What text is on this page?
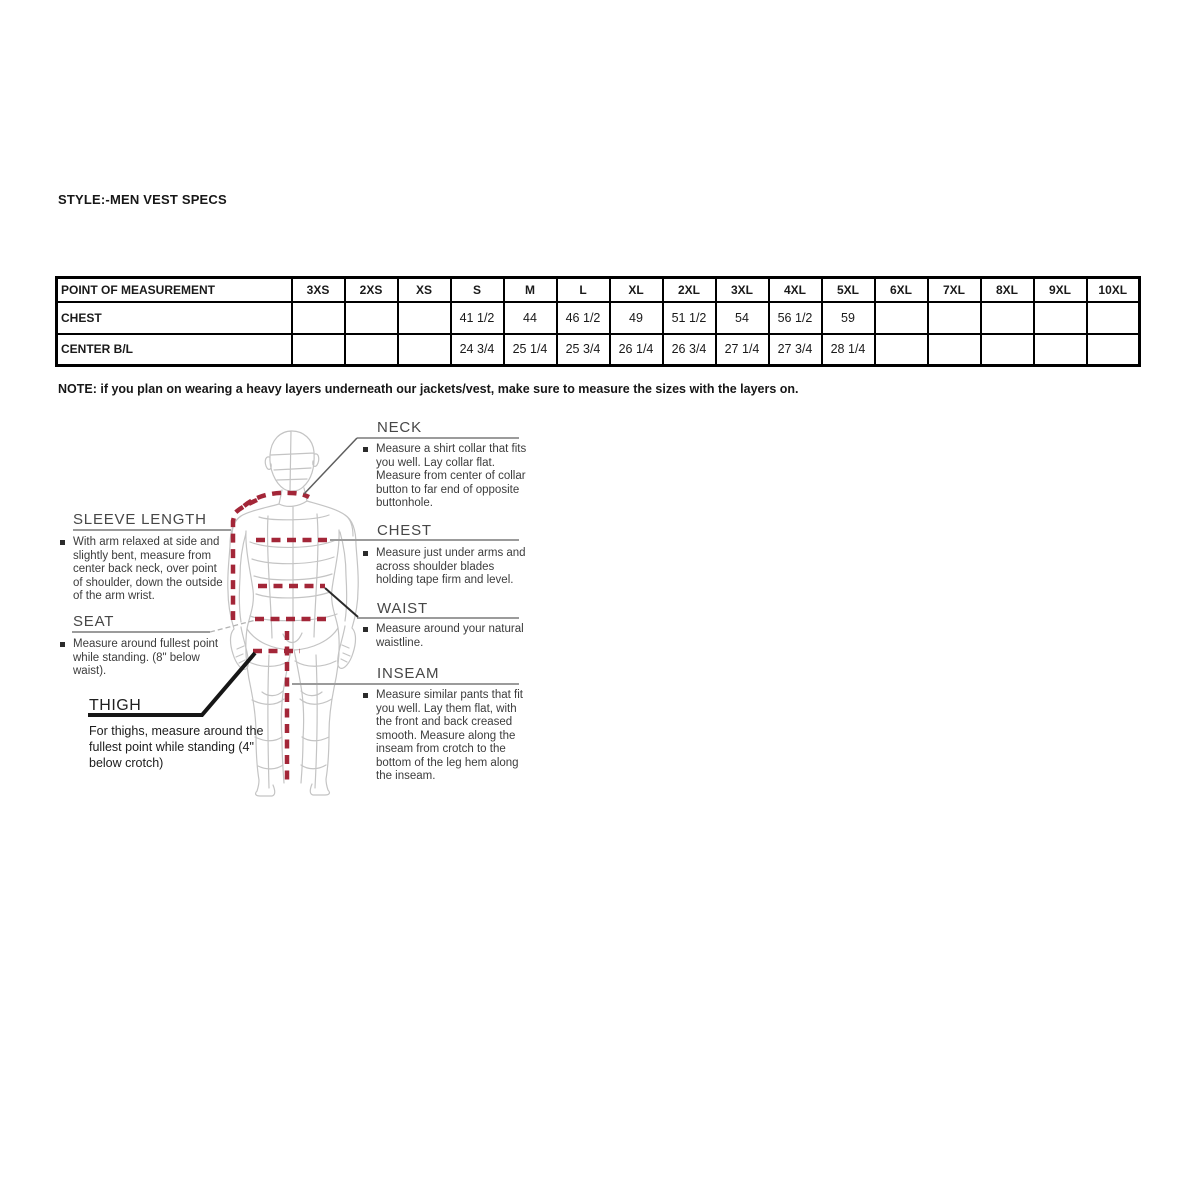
STYLE:-MEN VEST SPECS
POINT OF MEASUREMENT	3XS	2XS	XS	S	M	L	XL	2XL	3XL	4XL	5XL	6XL	7XL	8XL	9XL	10XL
CHEST				41 1/2	44	46 1/2	49	51 1/2	54	56 1/2	59					
CENTER B/L				24 3/4	25 1/4	25 3/4	26 1/4	26 3/4	27 1/4	27 3/4	28 1/4					
NOTE: if you plan on wearing a heavy layers underneath our jackets/vest, make sure to measure the sizes with the layers on.
NECK

Measure a shirt collar that fits you well. Lay collar flat. Measure from center of collar button to far end of opposite buttonhole.

CHEST

Measure just under arms and across shoulder blades holding tape firm and level.

WAIST

Measure around your natural waistline.

INSEAM

Measure similar pants that fit you well. Lay them flat, with the front and back creased smooth. Measure along the inseam from crotch to the bottom of the leg hem along the inseam.

SLEEVE LENGTH

With arm relaxed at side and slightly bent, measure from center back neck, over point of shoulder, down the outside of the arm wrist.

SEAT

Measure around fullest point while standing. (8" below waist).

THIGH

For thighs, measure around the fullest point while standing (4" below crotch)
